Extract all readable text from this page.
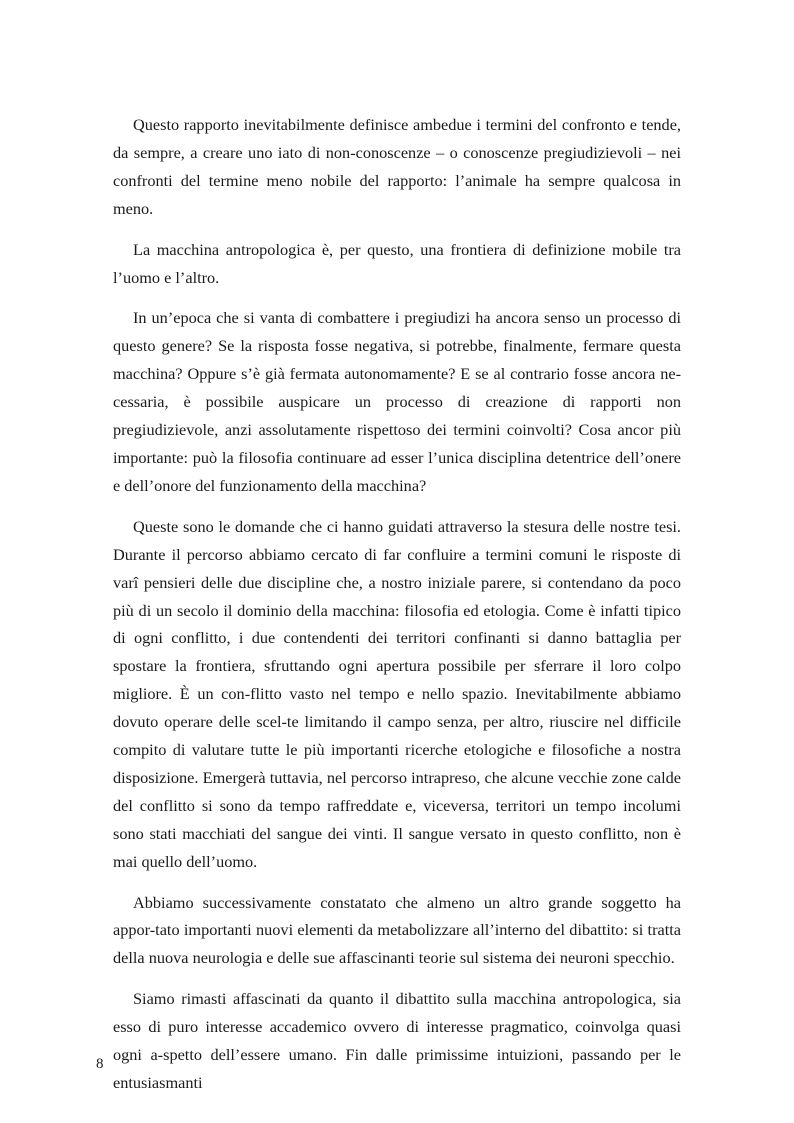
Questo rapporto inevitabilmente definisce ambedue i termini del confronto e tende, da sempre, a creare uno iato di non-conoscenze – o conoscenze pregiudizievoli – nei confronti del termine meno nobile del rapporto: l’animale ha sempre qualcosa in meno.

La macchina antropologica è, per questo, una frontiera di definizione mobile tra l’uomo e l’altro.

In un’epoca che si vanta di combattere i pregiudizi ha ancora senso un processo di questo genere? Se la risposta fosse negativa, si potrebbe, finalmente, fermare questa macchina? Oppure s’è già fermata autonomamente? E se al contrario fosse ancora ne-cessaria, è possibile auspicare un processo di creazione di rapporti non pregiudizievole, anzi assolutamente rispettoso dei termini coinvolti? Cosa ancor più importante: può la filosofia continuare ad esser l’unica disciplina detentrice dell’onere e dell’onore del funzionamento della macchina?

Queste sono le domande che ci hanno guidati attraverso la stesura delle nostre tesi. Durante il percorso abbiamo cercato di far confluire a termini comuni le risposte di varî pensieri delle due discipline che, a nostro iniziale parere, si contendano da poco più di un secolo il dominio della macchina: filosofia ed etologia. Come è infatti tipico di ogni conflitto, i due contendenti dei territori confinanti si danno battaglia per spostare la frontiera, sfruttando ogni apertura possibile per sferrare il loro colpo migliore. È un con-flitto vasto nel tempo e nello spazio. Inevitabilmente abbiamo dovuto operare delle scel-te limitando il campo senza, per altro, riuscire nel difficile compito di valutare tutte le più importanti ricerche etologiche e filosofiche a nostra disposizione. Emergerà tuttavia, nel percorso intrapreso, che alcune vecchie zone calde del conflitto si sono da tempo raffreddate e, viceversa, territori un tempo incolumi sono stati macchiati del sangue dei vinti. Il sangue versato in questo conflitto, non è mai quello dell’uomo.

Abbiamo successivamente constatato che almeno un altro grande soggetto ha appor-tato importanti nuovi elementi da metabolizzare all’interno del dibattito: si tratta della nuova neurologia e delle sue affascinanti teorie sul sistema dei neuroni specchio.

Siamo rimasti affascinati da quanto il dibattito sulla macchina antropologica, sia esso di puro interesse accademico ovvero di interesse pragmatico, coinvolga quasi ogni a-spetto dell’essere umano. Fin dalle primissime intuizioni, passando per le entusiasmanti

8
